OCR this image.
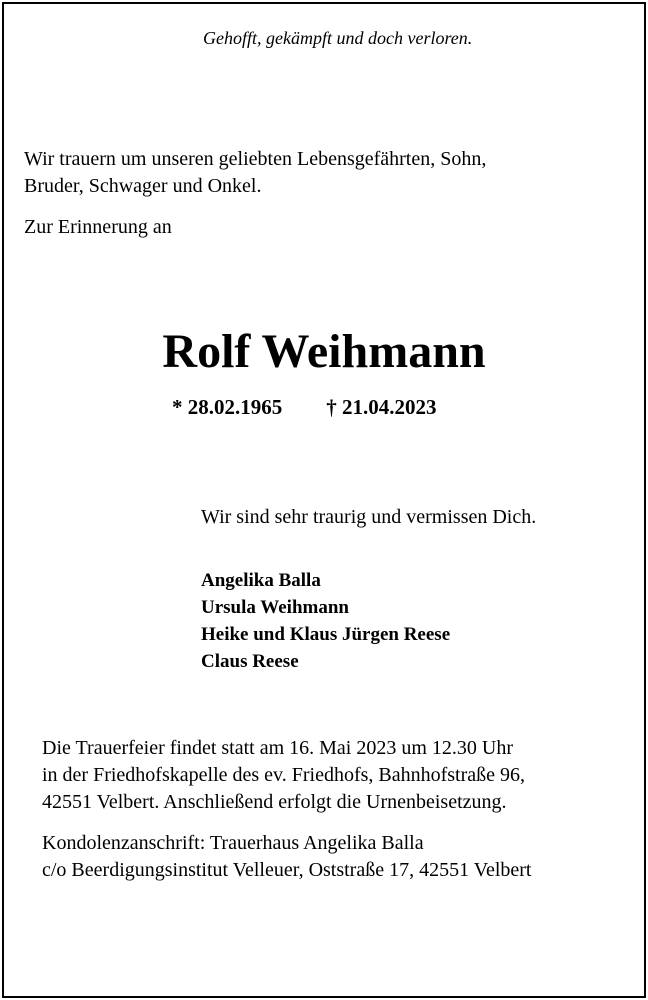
Gehofft, gekämpft und doch verloren.

Wir trauern um unseren geliebten Lebensgefährten, Sohn,
Bruder, Schwager und Onkel.

Zur Erinnerung an

Rolf Weihmann

* 28.02.1965 † 21.04.2023

Wir sind sehr traurig und vermissen Dich.

Angelika Balla
Ursula Weihmann
Heike und Klaus Jürgen Reese
Claus Reese
Die Trauerfeier findet statt am 16. Mai 2023 um 12.30 Uhr
in der Friedhofskapelle des ev. Friedhofs, Bahnhofstraße 96,
42551 Velbert. Anschließend erfolgt die Urnenbeisetzung.
Kondolenzanschrift: Trauerhaus Angelika Balla
c/o Beerdigungsinstitut Velleuer, Oststraße 17, 42551 Velbert
